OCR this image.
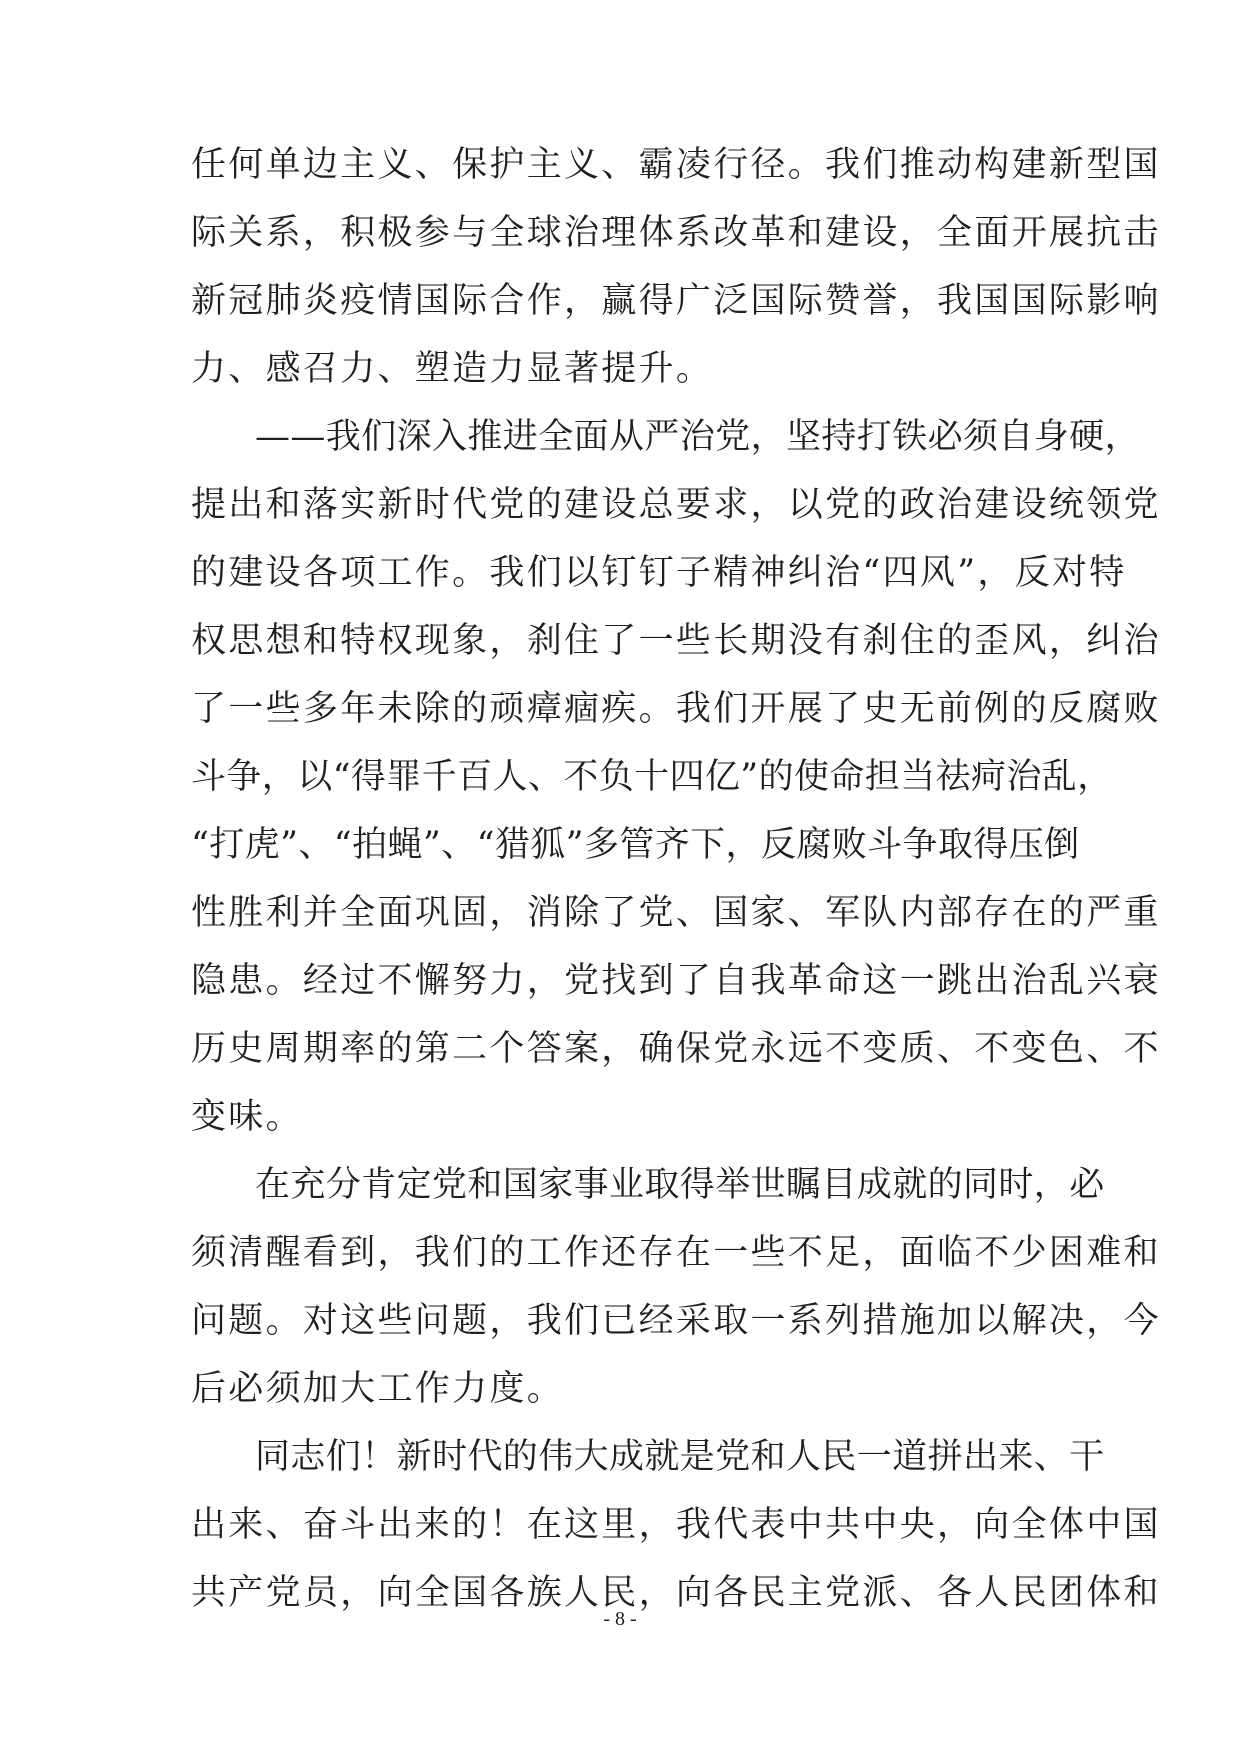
任何单边主义、保护主义、霸凌行径。我们推动构建新型国
际关系，积极参与全球治理体系改革和建设，全面开展抗击
新冠肺炎疫情国际合作，赢得广泛国际赞誉，我国国际影响
力、感召力、塑造力显著提升。
——我们深入推进全面从严治党，坚持打铁必须自身硬，
提出和落实新时代党的建设总要求，以党的政治建设统领党
的建设各项工作。我们以钉钉子精神纠治“四风”，反对特
权思想和特权现象，刹住了一些长期没有刹住的歪风，纠治
了一些多年未除的顽瘴痼疾。我们开展了史无前例的反腐败
斗争，以“得罪千百人、不负十四亿”的使命担当祛疴治乱，
“打虎”、“拍蝇”、“猎狐”多管齐下，反腐败斗争取得压倒
性胜利并全面巩固，消除了党、国家、军队内部存在的严重
隐患。经过不懈努力，党找到了自我革命这一跳出治乱兴衰
历史周期率的第二个答案，确保党永远不变质、不变色、不
变味。
在充分肯定党和国家事业取得举世瞩目成就的同时，必
须清醒看到，我们的工作还存在一些不足，面临不少困难和
问题。对这些问题，我们已经采取一系列措施加以解决，今
后必须加大工作力度。
同志们！新时代的伟大成就是党和人民一道拼出来、干
出来、奋斗出来的！在这里，我代表中共中央，向全体中国
共产党员，向全国各族人民，向各民主党派、各人民团体和
- 8 -
